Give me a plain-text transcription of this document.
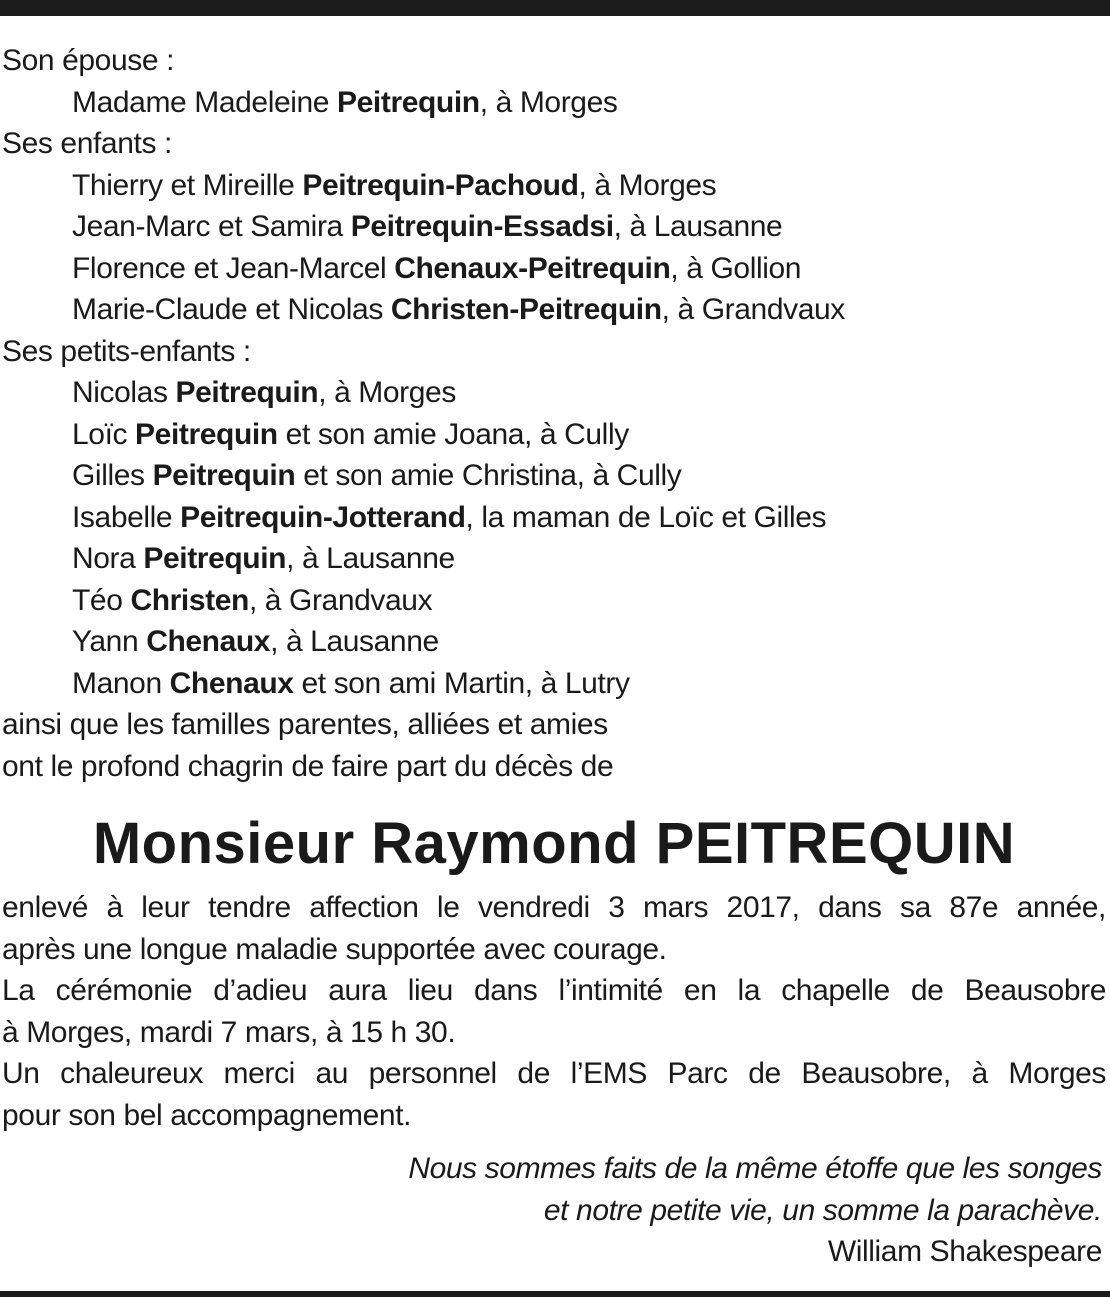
Son épouse :
Madame Madeleine Peitrequin, à Morges
Ses enfants :
Thierry et Mireille Peitrequin-Pachoud, à Morges
Jean-Marc et Samira Peitrequin-Essadsi, à Lausanne
Florence et Jean-Marcel Chenaux-Peitrequin, à Gollion
Marie-Claude et Nicolas Christen-Peitrequin, à Grandvaux
Ses petits-enfants :
Nicolas Peitrequin, à Morges
Loïc Peitrequin et son amie Joana, à Cully
Gilles Peitrequin et son amie Christina, à Cully
Isabelle Peitrequin-Jotterand, la maman de Loïc et Gilles
Nora Peitrequin, à Lausanne
Téo Christen, à Grandvaux
Yann Chenaux, à Lausanne
Manon Chenaux et son ami Martin, à Lutry
ainsi que les familles parentes, alliées et amies
ont le profond chagrin de faire part du décès de
Monsieur Raymond PEITREQUIN
enlevé à leur tendre affection le vendredi 3 mars 2017, dans sa 87e année,
après une longue maladie supportée avec courage.
La cérémonie d’adieu aura lieu dans l’intimité en la chapelle de Beausobre
à Morges, mardi 7 mars, à 15 h 30.
Un chaleureux merci au personnel de l’EMS Parc de Beausobre, à Morges
pour son bel accompagnement.
Nous sommes faits de la même étoffe que les songes
et notre petite vie, un somme la parachève.
William Shakespeare
